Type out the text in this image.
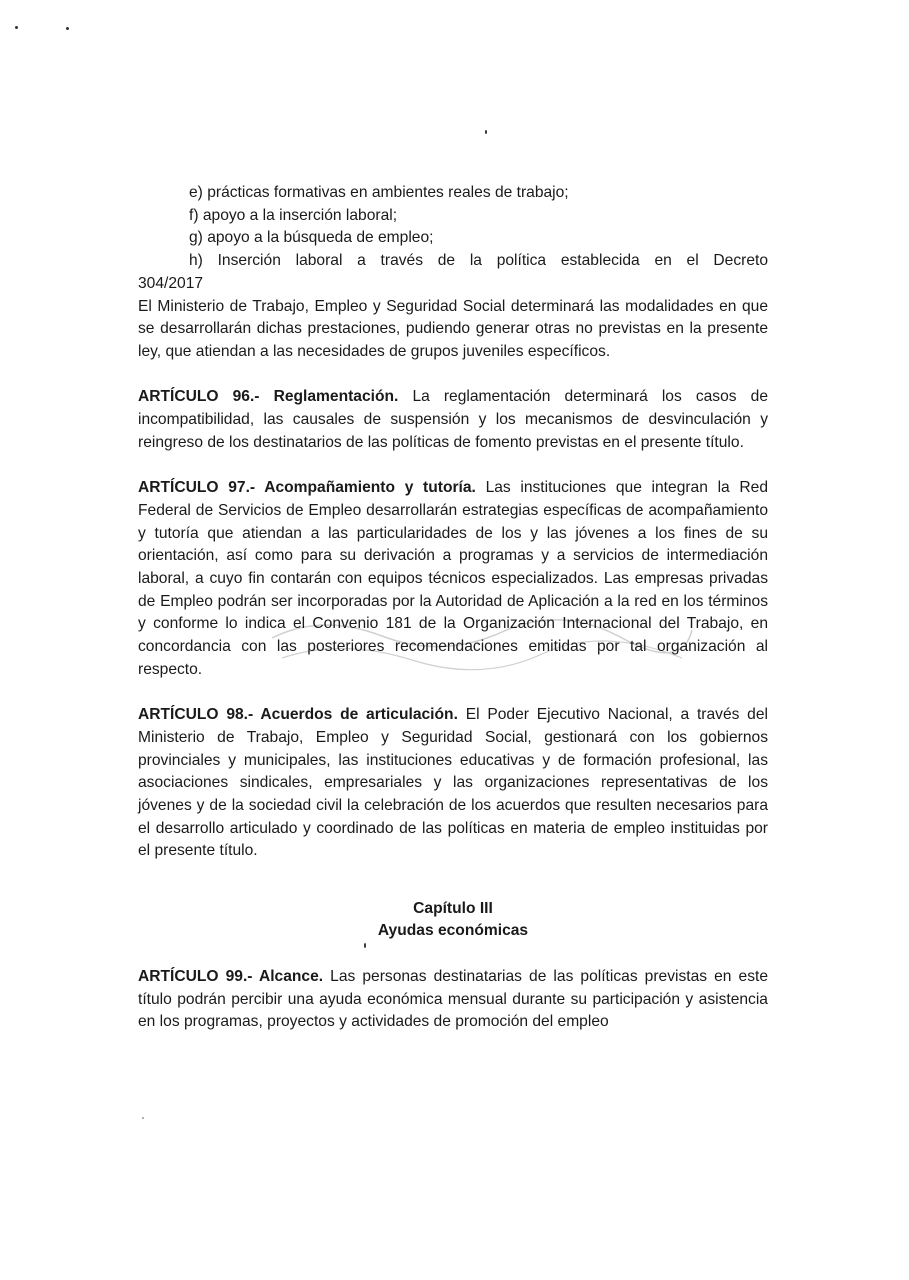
e) prácticas formativas en ambientes reales de trabajo;

f) apoyo a la inserción laboral;

g) apoyo a la búsqueda de empleo;

h) Inserción laboral a través de la política establecida en el Decreto

304/2017

El Ministerio de Trabajo, Empleo y Seguridad Social determinará las modalidades en que se desarrollarán dichas prestaciones, pudiendo generar otras no previstas en la presente ley, que atiendan a las necesidades de grupos juveniles específicos.

ARTÍCULO 96.- Reglamentación. La reglamentación determinará los casos de incompatibilidad, las causales de suspensión y los mecanismos de desvinculación y reingreso de los destinatarios de las políticas de fomento previstas en el presente título.

ARTÍCULO 97.- Acompañamiento y tutoría. Las instituciones que integran la Red Federal de Servicios de Empleo desarrollarán estrategias específicas de acompañamiento y tutoría que atiendan a las particularidades de los y las jóvenes a los fines de su orientación, así como para su derivación a programas y a servicios de intermediación laboral, a cuyo fin contarán con equipos técnicos especializados. Las empresas privadas de Empleo podrán ser incorporadas por la Autoridad de Aplicación a la red en los términos y conforme lo indica el Convenio 181 de la Organización Internacional del Trabajo, en concordancia con las posteriores recomendaciones emitidas por tal organización al respecto.

ARTÍCULO 98.- Acuerdos de articulación. El Poder Ejecutivo Nacional, a través del Ministerio de Trabajo, Empleo y Seguridad Social, gestionará con los gobiernos provinciales y municipales, las instituciones educativas y de formación profesional, las asociaciones sindicales, empresariales y las organizaciones representativas de los jóvenes y de la sociedad civil la celebración de los acuerdos que resulten necesarios para el desarrollo articulado y coordinado de las políticas en materia de empleo instituidas por el presente título.

Capítulo III

Ayudas económicas

ARTÍCULO 99.- Alcance. Las personas destinatarias de las políticas previstas en este título podrán percibir una ayuda económica mensual durante su participación y asistencia en los programas, proyectos y actividades de promoción del empleo
